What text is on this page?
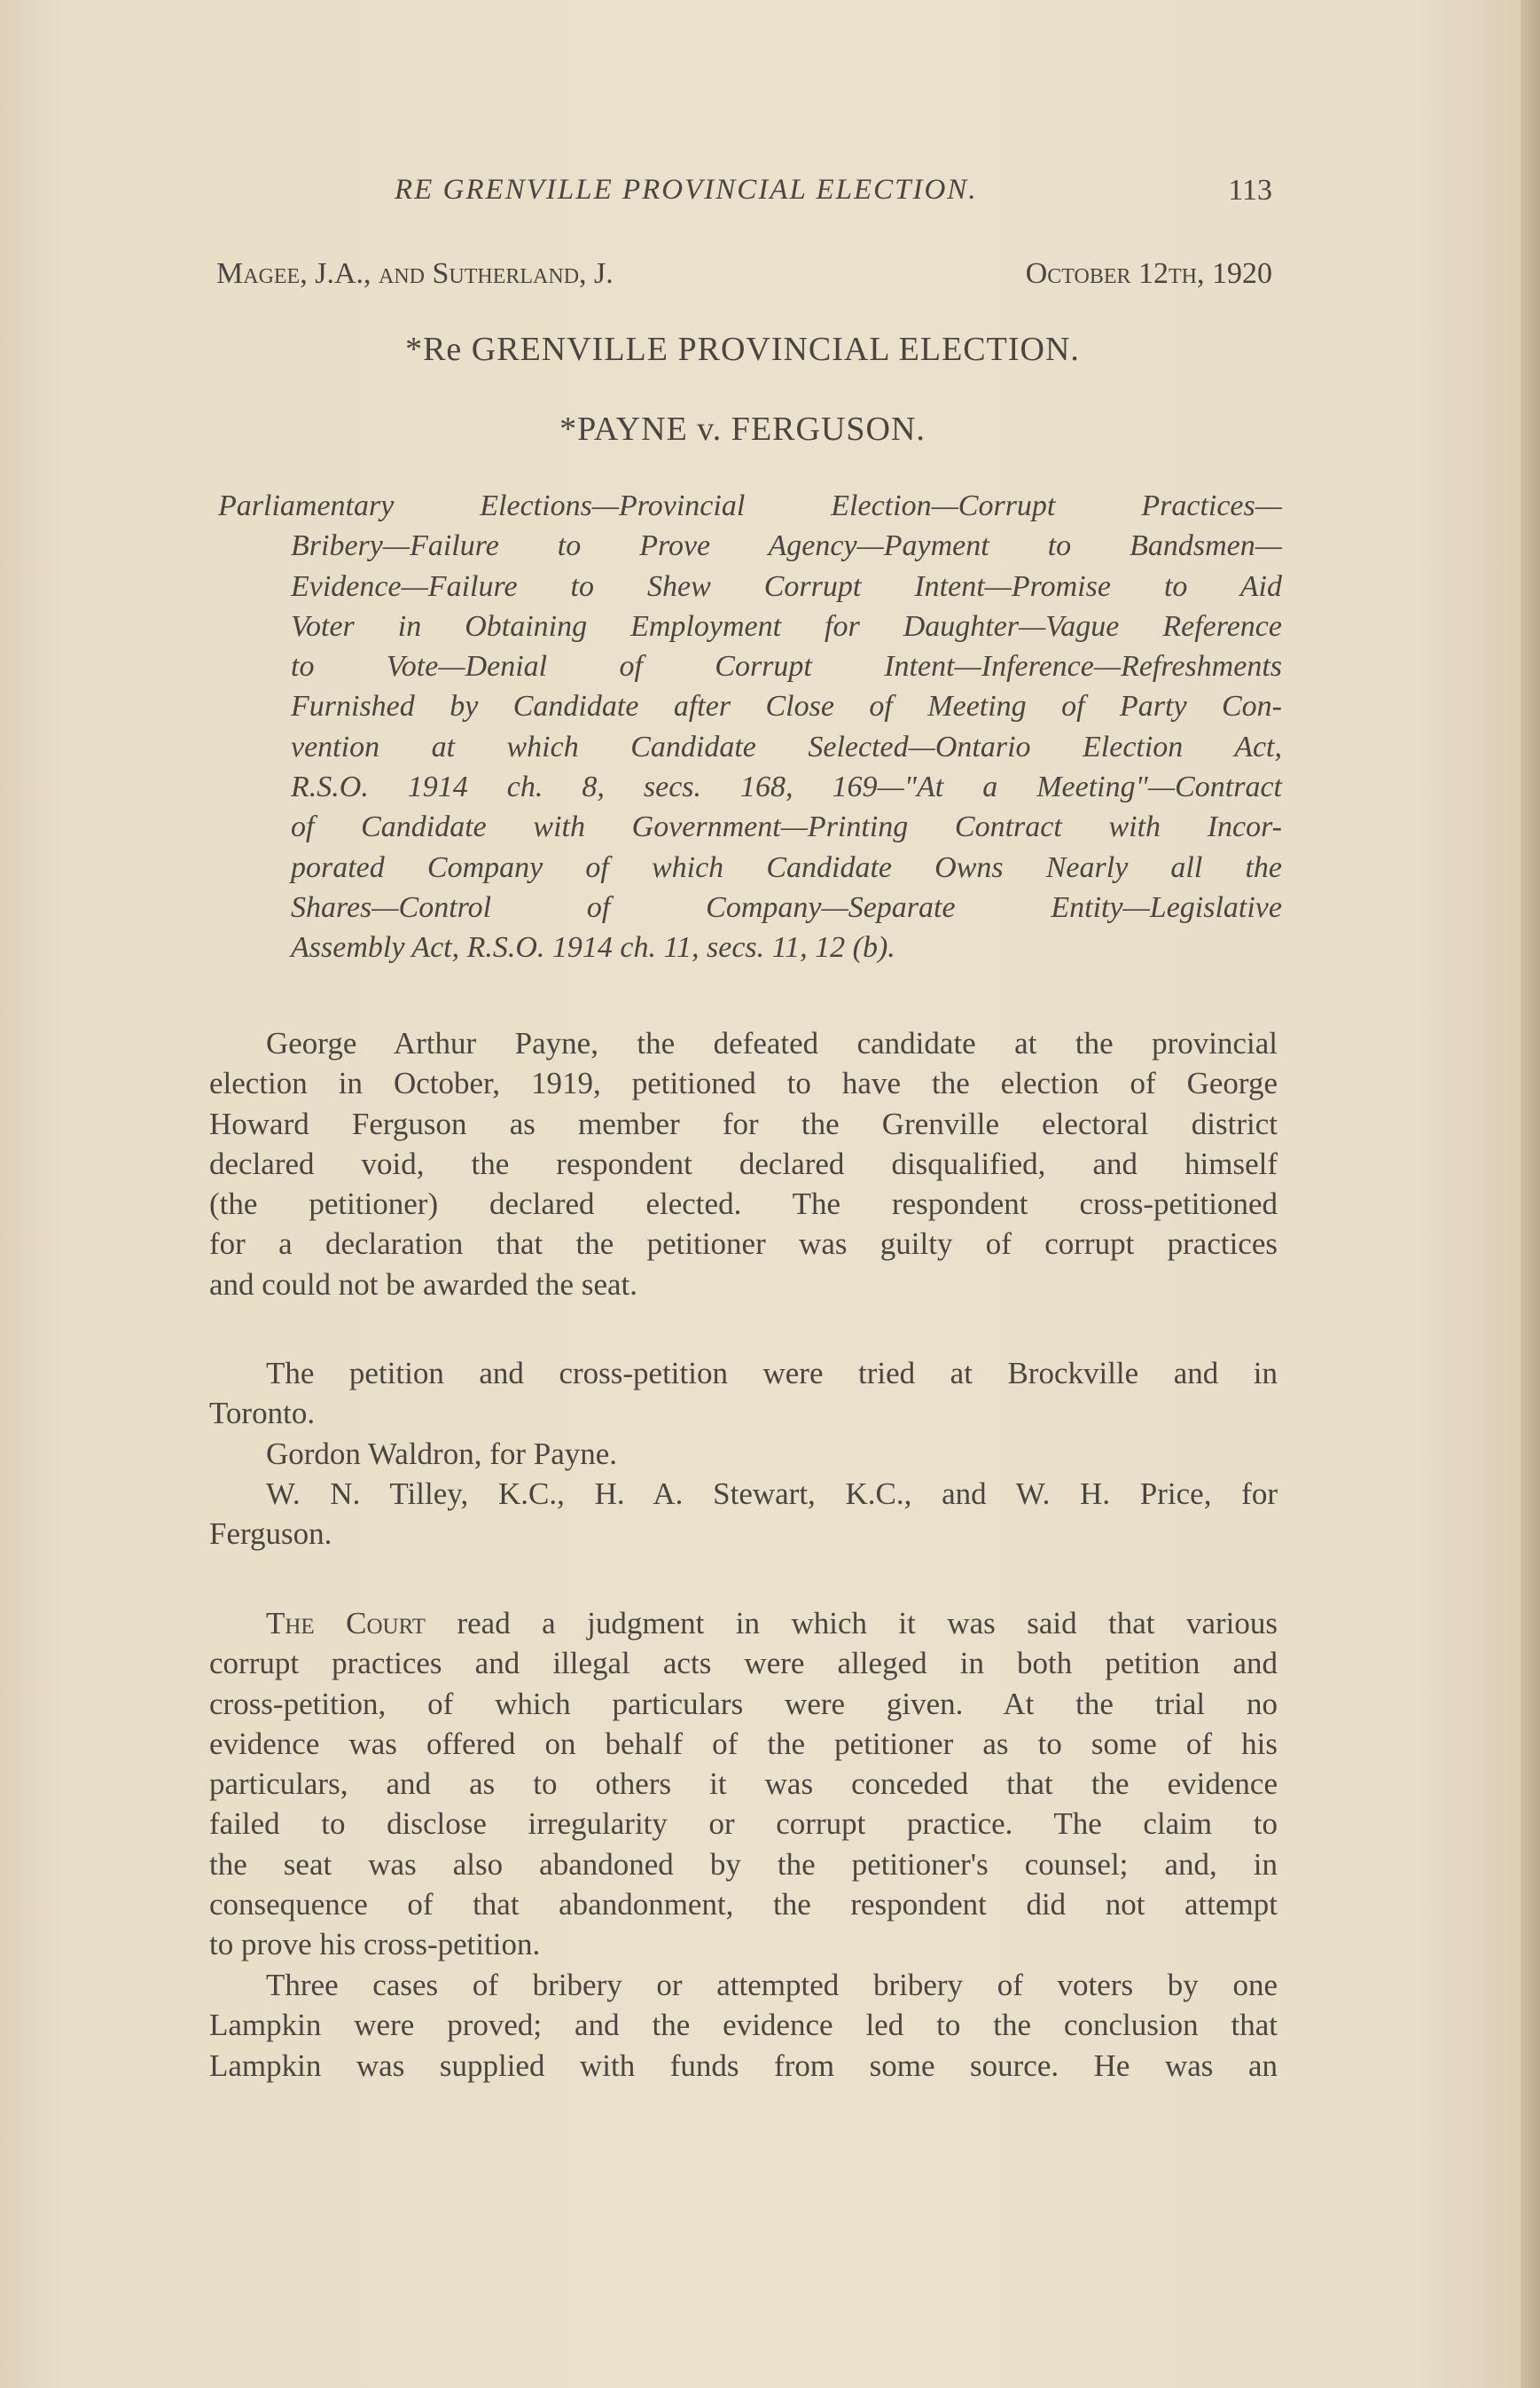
RE GRENVILLE PROVINCIAL ELECTION.	113
Magee, J.A., and Sutherland, J.	October 12th, 1920
*Re GRENVILLE PROVINCIAL ELECTION.
*PAYNE v. FERGUSON.
Parliamentary Elections—Provincial Election—Corrupt Practices—
Bribery—Failure to Prove Agency—Payment to Bandsmen—
Evidence—Failure to Shew Corrupt Intent—Promise to Aid
Voter in Obtaining Employment for Daughter—Vague Reference
to Vote—Denial of Corrupt Intent—Inference—Refreshments
Furnished by Candidate after Close of Meeting of Party Con-
vention at which Candidate Selected—Ontario Election Act,
R.S.O. 1914 ch. 8, secs. 168, 169—"At a Meeting"—Contract
of Candidate with Government—Printing Contract with Incor-
porated Company of which Candidate Owns Nearly all the
Shares—Control of Company—Separate Entity—Legislative
Assembly Act, R.S.O. 1914 ch. 11, secs. 11, 12 (b).
George Arthur Payne, the defeated candidate at the provincial
election in October, 1919, petitioned to have the election of George
Howard Ferguson as member for the Grenville electoral district
declared void, the respondent declared disqualified, and himself
(the petitioner) declared elected. The respondent cross-petitioned
for a declaration that the petitioner was guilty of corrupt practices
and could not be awarded the seat.
The petition and cross-petition were tried at Brockville and in
Toronto.
Gordon Waldron, for Payne.
W. N. Tilley, K.C., H. A. Stewart, K.C., and W. H. Price, for
Ferguson.
The Court read a judgment in which it was said that various
corrupt practices and illegal acts were alleged in both petition and
cross-petition, of which particulars were given. At the trial no
evidence was offered on behalf of the petitioner as to some of his
particulars, and as to others it was conceded that the evidence
failed to disclose irregularity or corrupt practice. The claim to
the seat was also abandoned by the petitioner's counsel; and, in
consequence of that abandonment, the respondent did not attempt
to prove his cross-petition.
Three cases of bribery or attempted bribery of voters by one
Lampkin were proved; and the evidence led to the conclusion that
Lampkin was supplied with funds from some source. He was an
